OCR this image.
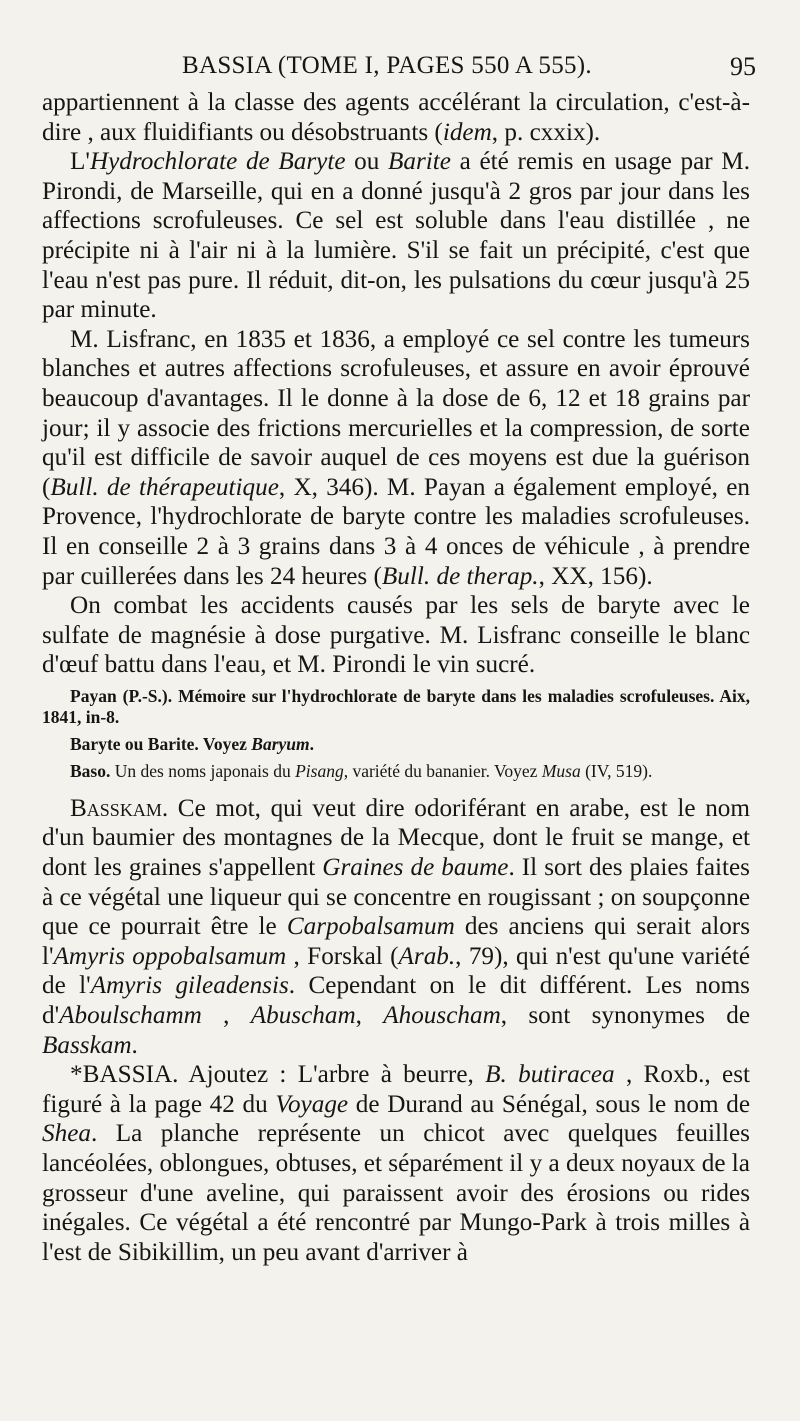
BASSIA (TOME I, PAGES 550 A 555).	95

appartiennent à la classe des agents accélérant la circulation, c'est-à-dire , aux fluidifiants ou désobstruants (idem, p. cxxix).

L'Hydrochlorate de Baryte ou Barite a été remis en usage par M. Pirondi, de Marseille, qui en a donné jusqu'à 2 gros par jour dans les affections scrofuleuses. Ce sel est soluble dans l'eau distillée , ne précipite ni à l'air ni à la lumière. S'il se fait un précipité, c'est que l'eau n'est pas pure. Il réduit, dit-on, les pulsations du cœur jusqu'à 25 par minute.

M. Lisfranc, en 1835 et 1836, a employé ce sel contre les tumeurs blanches et autres affections scrofuleuses, et assure en avoir éprouvé beaucoup d'avantages. Il le donne à la dose de 6, 12 et 18 grains par jour; il y associe des frictions mercurielles et la compression, de sorte qu'il est difficile de savoir auquel de ces moyens est due la guérison (Bull. de thérapeutique, X, 346). M. Payan a également employé, en Provence, l'hydrochlorate de baryte contre les maladies scrofuleuses. Il en conseille 2 à 3 grains dans 3 à 4 onces de véhicule , à prendre par cuillerées dans les 24 heures (Bull. de therap., XX, 156).

On combat les accidents causés par les sels de baryte avec le sulfate de magnésie à dose purgative. M. Lisfranc conseille le blanc d'œuf battu dans l'eau, et M. Pirondi le vin sucré.

Payan (P.-S.). Mémoire sur l'hydrochlorate de baryte dans les maladies scrofuleuses. Aix, 1841, in-8.

Baryte ou Barite. Voyez Baryum.

Baso. Un des noms japonais du Pisang, variété du bananier. Voyez Musa (IV, 519).

Basskam. Ce mot, qui veut dire odoriférant en arabe, est le nom d'un baumier des montagnes de la Mecque, dont le fruit se mange, et dont les graines s'appellent Graines de baume. Il sort des plaies faites à ce végétal une liqueur qui se concentre en rougissant ; on soupçonne que ce pourrait être le Carpobalsamum des anciens qui serait alors l'Amyris oppobalsamum , Forskal (Arab., 79), qui n'est qu'une variété de l'Amyris gileadensis. Cependant on le dit différent. Les noms d'Aboulschamm , Abuscham, Ahouscham, sont synonymes de Basskam.

*BASSIA. Ajoutez : L'arbre à beurre, B. butiracea , Roxb., est figuré à la page 42 du Voyage de Durand au Sénégal, sous le nom de Shea. La planche représente un chicot avec quelques feuilles lancéolées, oblongues, obtuses, et séparément il y a deux noyaux de la grosseur d'une aveline, qui paraissent avoir des érosions ou rides inégales. Ce végétal a été rencontré par Mungo-Park à trois milles à l'est de Sibikillim, un peu avant d'arriver à
